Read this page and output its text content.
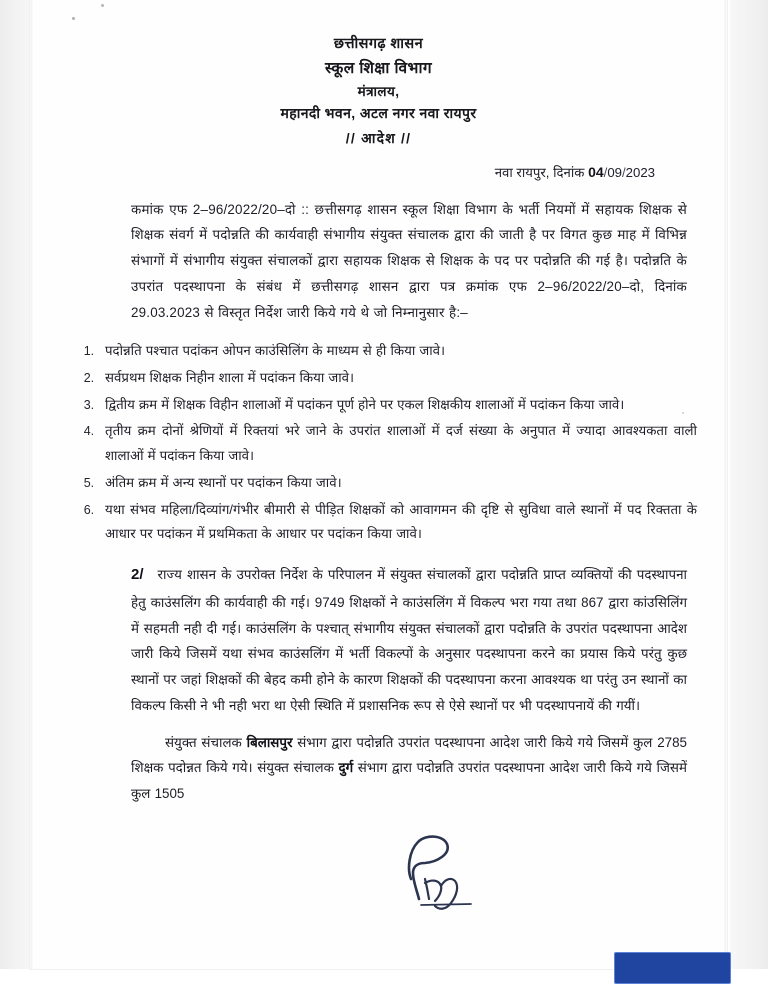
छत्तीसगढ़ शासन
स्कूल शिक्षा विभाग
मंत्रालय,
महानदी भवन, अटल नगर नवा रायपुर
// आदेश //
नवा रायपुर, दिनांक 04/09/2023

कमांक एफ 2–96/2022/20–दो :: छत्तीसगढ़ शासन स्कूल शिक्षा विभाग के भर्ती नियमों में सहायक शिक्षक से शिक्षक संवर्ग में पदोन्नति की कार्यवाही संभागीय संयुक्त संचालक द्वारा की जाती है पर विगत कुछ माह में विभिन्न संभागों में संभागीय संयुक्त संचालकों द्वारा सहायक शिक्षक से शिक्षक के पद पर पदोन्नति की गई है। पदोन्नति के उपरांत पदस्थापना के संबंध में छत्तीसगढ़ शासन द्वारा पत्र क्रमांक एफ 2–96/2022/20–दो, दिनांक 29.03.2023 से विस्तृत निर्देश जारी किये गये थे जो निम्नानुसार है:–

1. पदोन्नति पश्चात पदांकन ओपन काउंसिलिंग के माध्यम से ही किया जावे।
2. सर्वप्रथम शिक्षक निहीन शाला में पदांकन किया जावे।
3. द्वितीय क्रम में शिक्षक विहीन शालाओं में पदांकन पूर्ण होने पर एकल शिक्षकीय शालाओं में पदांकन किया जावे।
4. तृतीय क्रम दोनों श्रेणियों में रिक्तयां भरे जाने के उपरांत शालाओं में दर्ज संख्या के अनुपात में ज्यादा आवश्यकता वाली शालाओं में पदांकन किया जावे।
5. अंतिम क्रम में अन्य स्थानों पर पदांकन किया जावे।
6. यथा संभव महिला/दिव्यांग/गंभीर बीमारी से पीड़ित शिक्षकों को आवागमन की दृष्टि से सुविधा वाले स्थानों में पद रिक्तता के आधार पर पदांकन में प्रथमिकता के आधार पर पदांकन किया जावे।

2/ राज्य शासन के उपरोक्त निर्देश के परिपालन में संयुक्त संचालकों द्वारा पदोन्नति प्राप्त व्यक्तियों की पदस्थापना हेतु काउंसलिंग की कार्यवाही की गई। 9749 शिक्षकों ने काउंसलिंग में विकल्प भरा गया तथा 867 द्वारा कांउसिलिंग में सहमती नही दी गई। काउंसलिंग के पश्चात् संभागीय संयुक्त संचालकों द्वारा पदोन्नति के उपरांत पदस्थापना आदेश जारी किये जिसमें यथा संभव काउंसलिंग में भर्ती विकल्पों के अनुसार पदस्थापना करने का प्रयास किये परंतु कुछ स्थानों पर जहां शिक्षकों की बेहद कमी होने के कारण शिक्षकों की पदस्थापना करना आवश्यक था परंतु उन स्थानों का विकल्प किसी ने भी नही भरा था ऐसी स्थिति में प्रशासनिक रूप से ऐसे स्थानों पर भी पदस्थापनायें की गयीं।

संयुक्त संचालक बिलासपुर संभाग द्वारा पदोन्नति उपरांत पदस्थापना आदेश जारी किये गये जिसमें कुल 2785 शिक्षक पदोन्नत किये गये। संयुक्त संचालक दुर्ग संभाग द्वारा पदोन्नति उपरांत पदस्थापना आदेश जारी किये गये जिसमें कुल 1505
